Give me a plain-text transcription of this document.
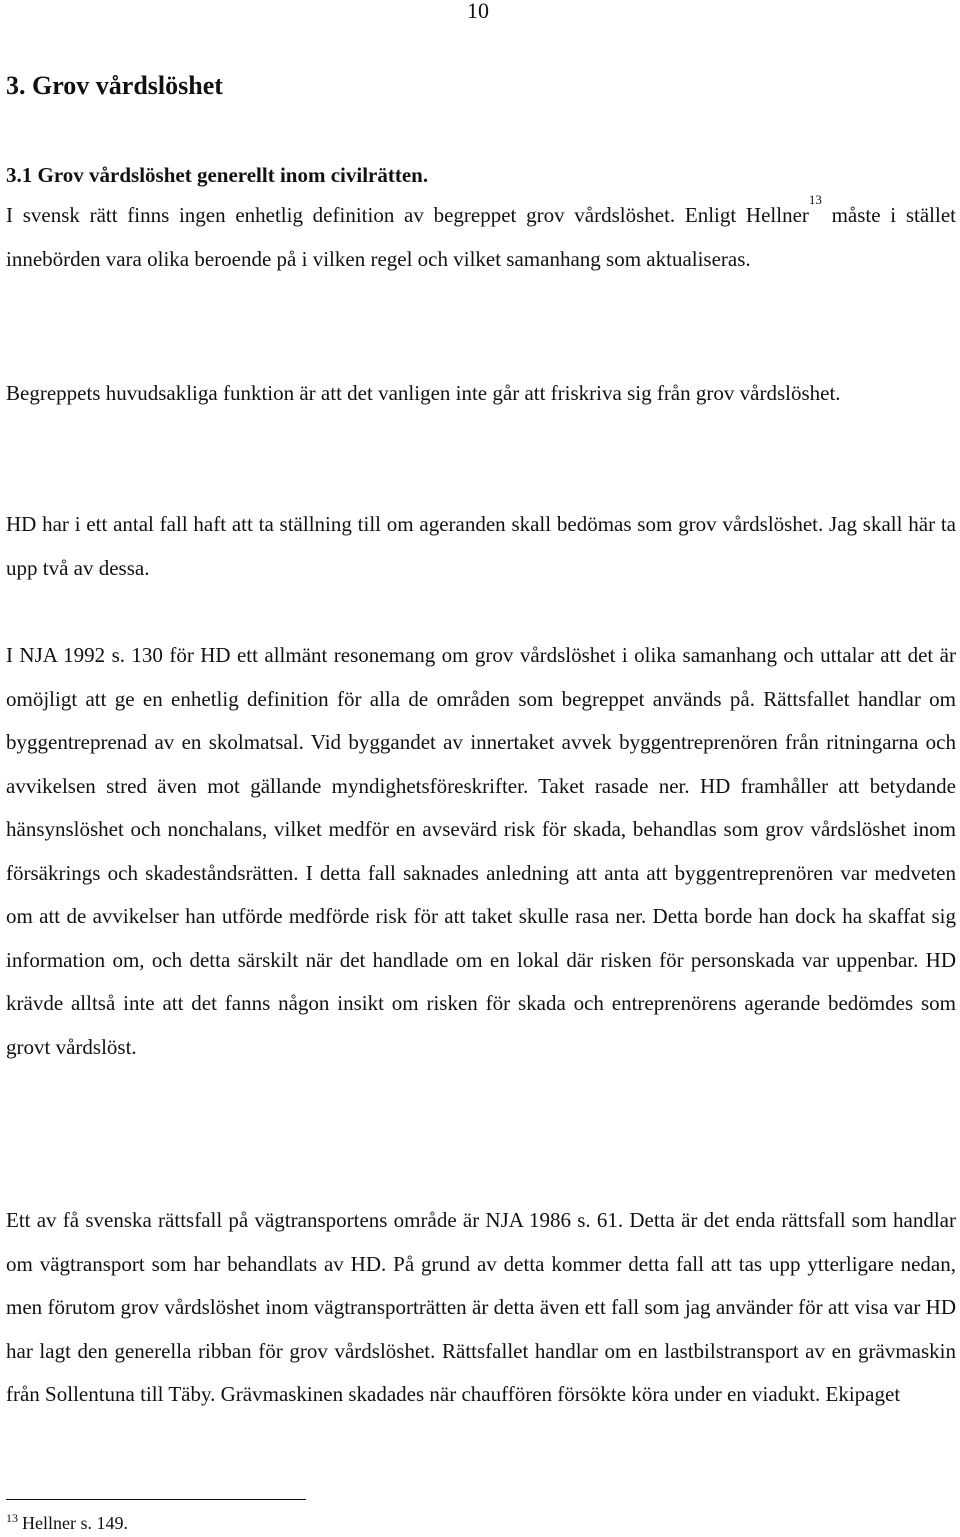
10
3. Grov vårdslöshet
3.1 Grov vårdslöshet generellt inom civilrätten.

I svensk rätt finns ingen enhetlig definition av begreppet grov vårdslöshet. Enligt Hellner$^{13}$ måste i stället innebörden vara olika beroende på i vilken regel och vilket samanhang som aktualiseras.

Begreppets huvudsakliga funktion är att det vanligen inte går att friskriva sig från grov vårdslöshet.

HD har i ett antal fall haft att ta ställning till om ageranden skall bedömas som grov vårdslöshet. Jag skall här ta upp två av dessa.

I NJA 1992 s. 130 för HD ett allmänt resonemang om grov vårdslöshet i olika samanhang och uttalar att det är omöjligt att ge en enhetlig definition för alla de områden som begreppet används på. Rättsfallet handlar om byggentreprenad av en skolmatsal. Vid byggandet av innertaket avvek byggentreprenören från ritningarna och avvikelsen stred även mot gällande myndighetsföreskrifter. Taket rasade ner. HD framhåller att betydande hänsynslöshet och nonchalans, vilket medför en avsevärd risk för skada, behandlas som grov vårdslöshet inom försäkrings och skadeståndsrätten. I detta fall saknades anledning att anta att byggentreprenören var medveten om att de avvikelser han utförde medförde risk för att taket skulle rasa ner. Detta borde han dock ha skaffat sig information om, och detta särskilt när det handlade om en lokal där risken för personskada var uppenbar. HD krävde alltså inte att det fanns någon insikt om risken för skada och entreprenörens agerande bedömdes som grovt vårdslöst.

Ett av få svenska rättsfall på vägtransportens område är NJA 1986 s. 61. Detta är det enda rättsfall som handlar om vägtransport som har behandlats av HD. På grund av detta kommer detta fall att tas upp ytterligare nedan, men förutom grov vårdslöshet inom vägtransporträtten är detta även ett fall som jag använder för att visa var HD har lagt den generella ribban för grov vårdslöshet. Rättsfallet handlar om en lastbilstransport av en grävmaskin från Sollentuna till Täby. Grävmaskinen skadades när chauffören försökte köra under en viadukt. Ekipaget

$^{13}$ Hellner s. 149.
